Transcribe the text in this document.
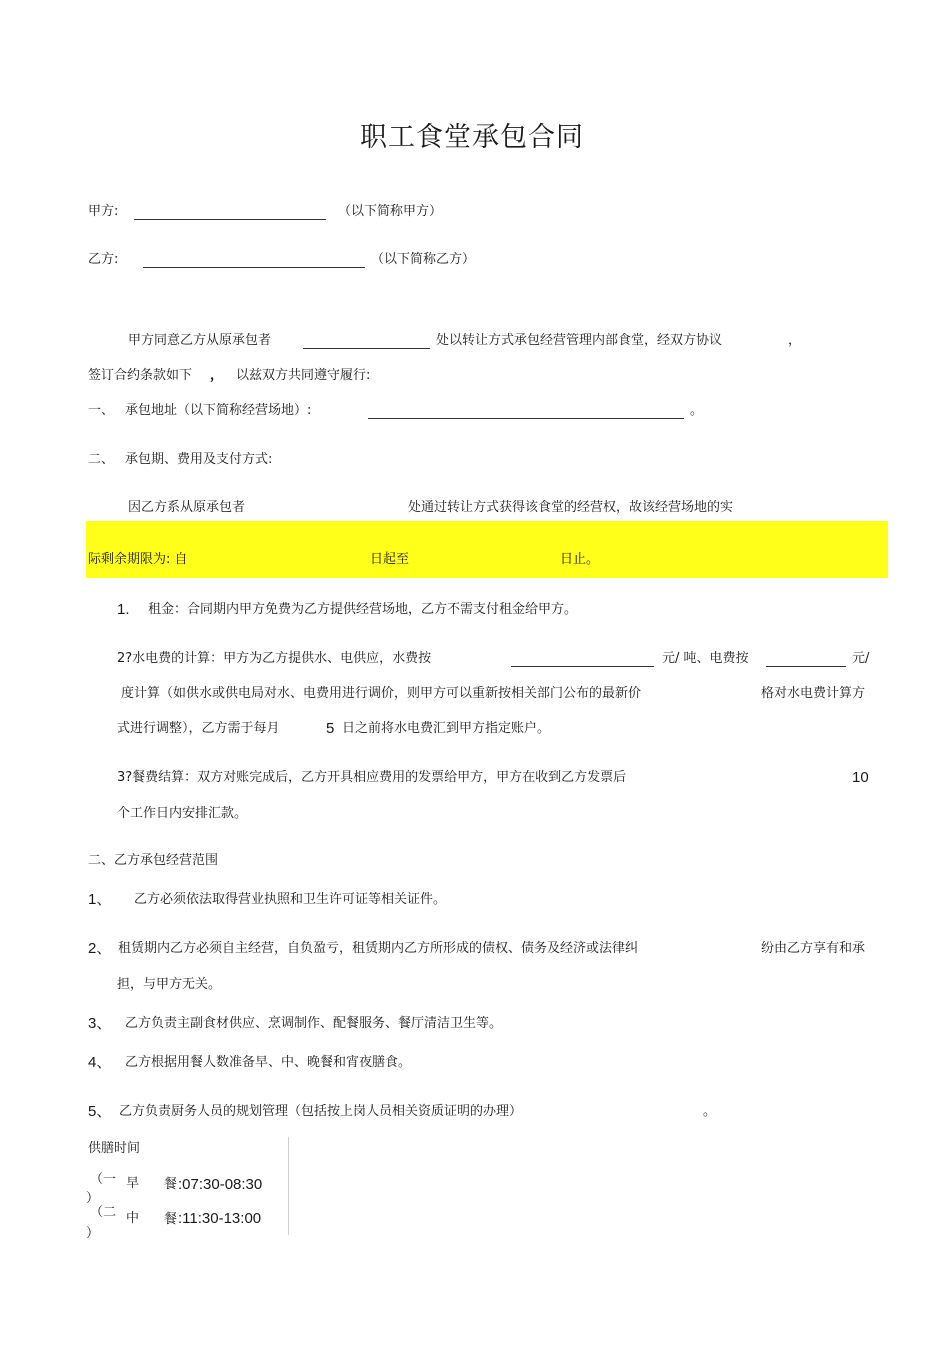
职工食堂承包合同
甲方:	（以下简称甲方）
乙方:	（以下简称乙方）
甲方同意乙方从原承包者	处以转让方式承包经营管理内部食堂，经双方协议	，
签订合约条款如下 ， 以兹双方共同遵守履行:
一、 承包地址（以下简称经营场地）:	。
二、 承包期、费用及支付方式:
因乙方系从原承包者	处通过转让方式获得该食堂的经营权，故该经营场地的实
际剩余期限为: 自	日起至	日止。
1. 租金：合同期内甲方免费为乙方提供经营场地，乙方不需支付租金给甲方。
2?水电费的计算：甲方为乙方提供水、电供应，水费按	元/ 吨、电费按	元/
度计算（如供水或供电局对水、电费用进行调价，则甲方可以重新按相关部门公布的最新价	格对水电费计算方
式进行调整），乙方需于每月	5 日之前将水电费汇到甲方指定账户。
3?餐费结算：双方对账完成后，乙方开具相应费用的发票给甲方，甲方在收到乙方发票后	10
个工作日内安排汇款。
二、乙方承包经营范围
1、 乙方必须依法取得营业执照和卫生许可证等相关证件。
2、 租赁期内乙方必须自主经营，自负盈亏，租赁期内乙方所形成的债权、债务及经济或法律纠	纷由乙方享有和承
担，与甲方无关。
3、 乙方负责主副食材供应、烹调制作、配餐服务、餐厅清洁卫生等。
4、 乙方根据用餐人数准备早、中、晚餐和宵夜膳食。
5、 乙方负责厨务人员的规划管理（包括按上岗人员相关资质证明的办理）	。
供膳时间
（一 早 餐 :07:30-08:30
）
（二 中 餐 :11:30-13:00
）
